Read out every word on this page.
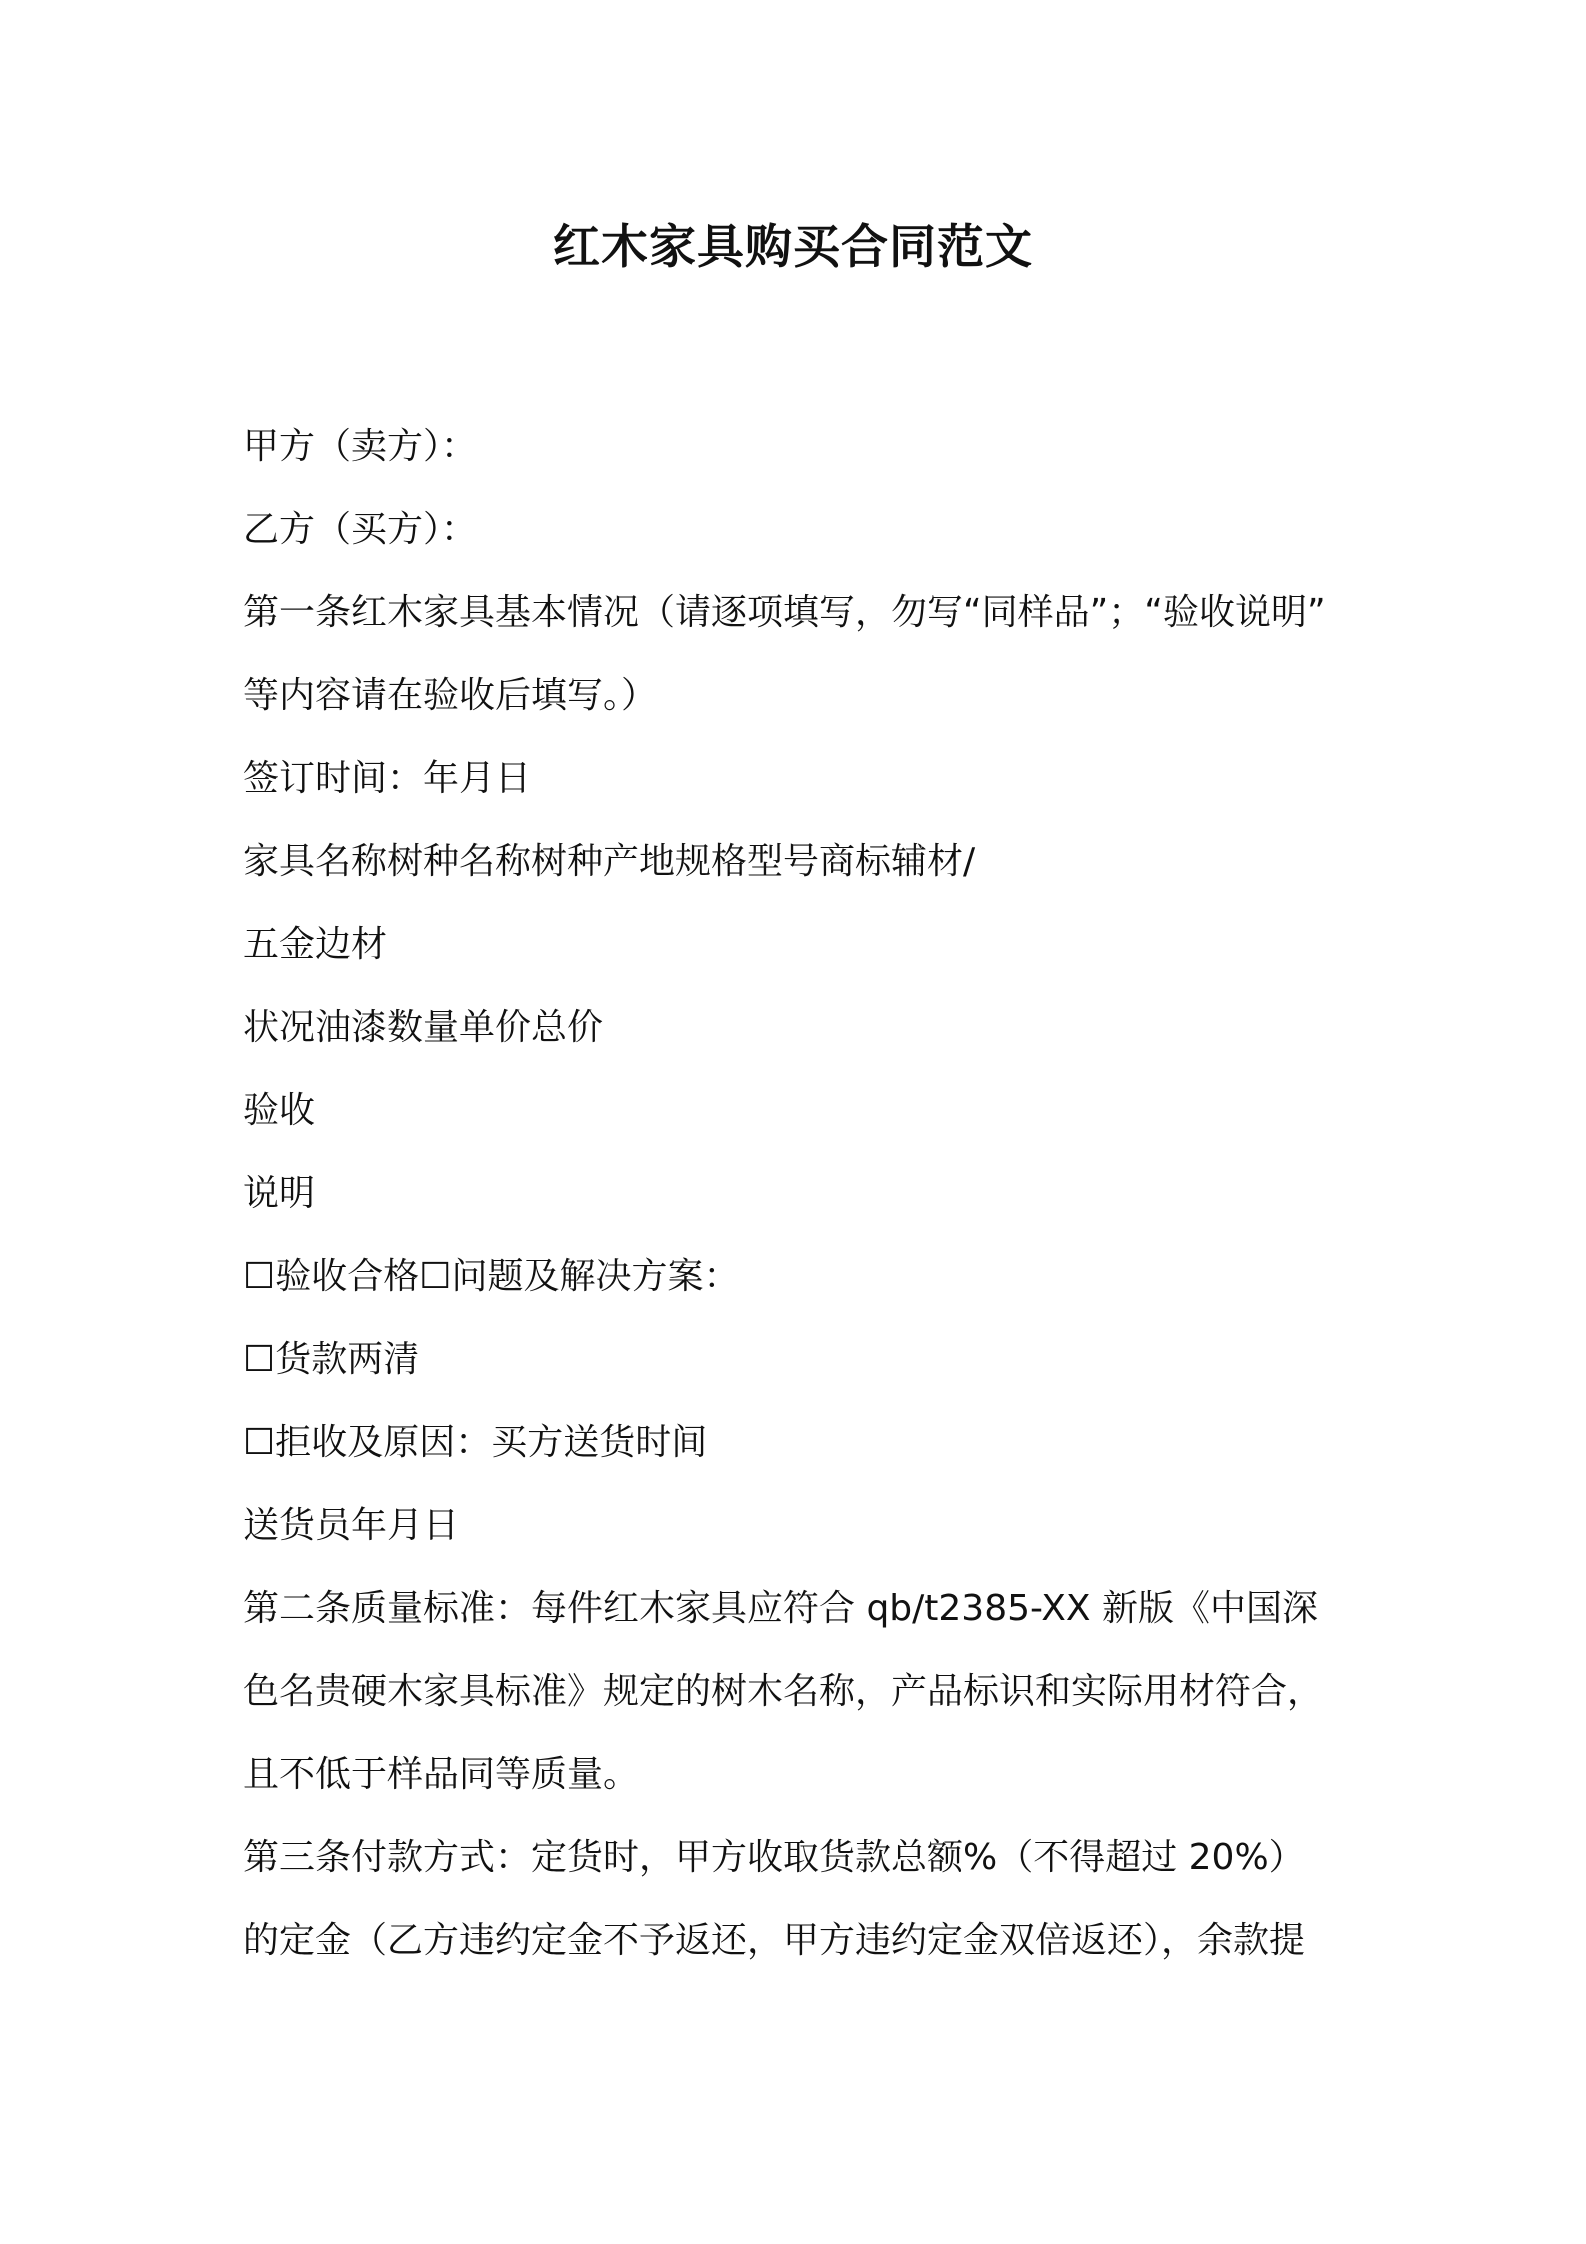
红木家具购买合同范文
甲方（卖方）：
乙方（买方）：
第一条红木家具基本情况（请逐项填写，勿写“同样品”；“验收说明”
等内容请在验收后填写。）
签订时间：年月日
家具名称树种名称树种产地规格型号商标辅材/
五金边材
状况油漆数量单价总价
验收
说明
☐验收合格☐问题及解决方案：
☐货款两清
☐拒收及原因：买方送货时间
送货员年月日
第二条质量标准：每件红木家具应符合 qb/t2385-XX 新版《中国深
色名贵硬木家具标准》规定的树木名称，产品标识和实际用材符合，
且不低于样品同等质量。
第三条付款方式：定货时，甲方收取货款总额%（不得超过 20%）
的定金（乙方违约定金不予返还，甲方违约定金双倍返还），余款提
